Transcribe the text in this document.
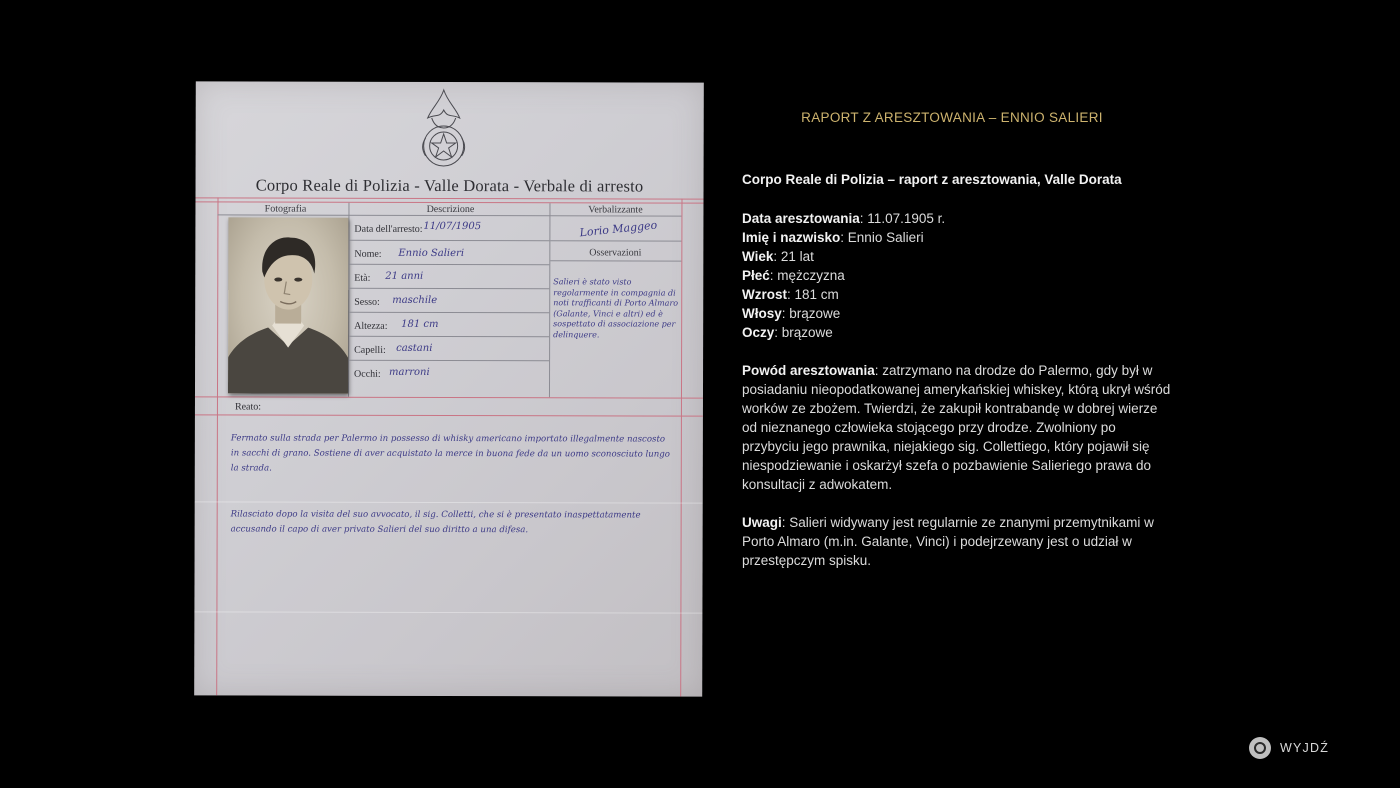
Corpo Reale di Polizia - Valle Dorata - Verbale di arresto
Fotografia	Descrizione	Verbalizzante
Data dell'arresto: 11/07/1905
Nome: Ennio Salieri
Età: 21 anni
Sesso: maschile
Altezza: 181 cm
Capelli: castani
Occhi: marroni
Lorio Maggeo
Osservazioni
Salieri è stato visto regolarmente in compagnia di noti trafficanti di Porto Almaro (Galante, Vinci e altri) ed è sospettato di associazione per delinquere.
Reato:
Fermato sulla strada per Palermo in possesso di whisky americano importato illegalmente nascosto in sacchi di grano. Sostiene di aver acquistato la merce in buona fede da un uomo sconosciuto lungo la strada.
Rilasciato dopo la visita del suo avvocato, il sig. Colletti, che si è presentato inaspettatamente accusando il capo di aver privato Salieri del suo diritto a una difesa.
RAPORT Z ARESZTOWANIA – ENNIO SALIERI
Corpo Reale di Polizia – raport z aresztowania, Valle Dorata
Data aresztowania: 11.07.1905 r.
Imię i nazwisko: Ennio Salieri
Wiek: 21 lat
Płeć: mężczyzna
Wzrost: 181 cm
Włosy: brązowe
Oczy: brązowe
Powód aresztowania: zatrzymano na drodze do Palermo, gdy był w posiadaniu nieopodatkowanej amerykańskiej whiskey, którą ukrył wśród worków ze zbożem. Twierdzi, że zakupił kontrabandę w dobrej wierze od nieznanego człowieka stojącego przy drodze. Zwolniony po przybyciu jego prawnika, niejakiego sig. Collettiego, który pojawił się niespodziewanie i oskarżył szefa o pozbawienie Salieriego prawa do konsultacji z adwokatem.
Uwagi: Salieri widywany jest regularnie ze znanymi przemytnikami w Porto Almaro (m.in. Galante, Vinci) i podejrzewany jest o udział w przestępczym spisku.
WYJDŹ
